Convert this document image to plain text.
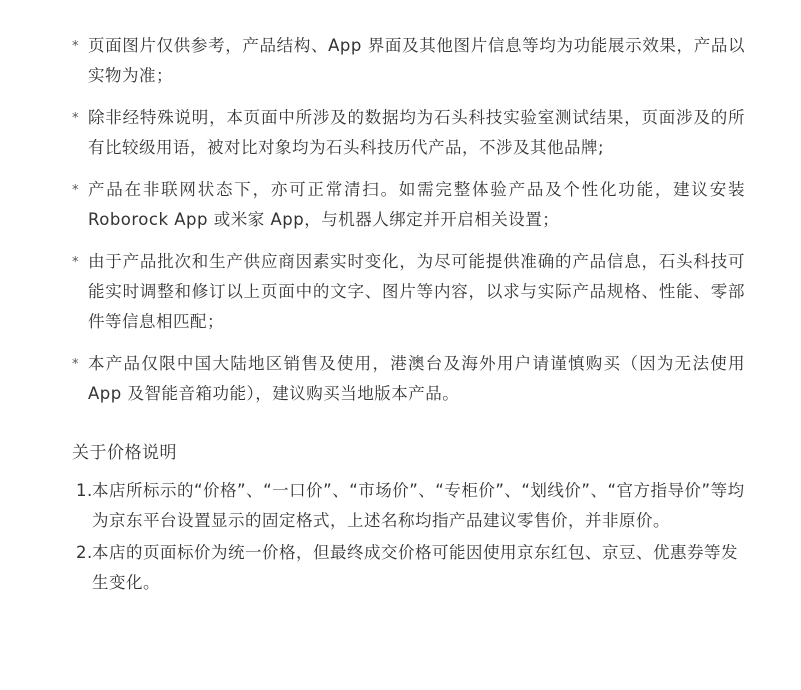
* 页面图片仅供参考，产品结构、App 界面及其他图片信息等均为功能展示效果，产品以实物为准；
* 除非经特殊说明，本页面中所涉及的数据均为石头科技实验室测试结果，页面涉及的所有比较级用语，被对比对象均为石头科技历代产品，不涉及其他品牌;
* 产品在非联网状态下，亦可正常清扫。如需完整体验产品及个性化功能，建议安装 Roborock App 或米家 App，与机器人绑定并开启相关设置；
* 由于产品批次和生产供应商因素实时变化，为尽可能提供准确的产品信息，石头科技可能实时调整和修订以上页面中的文字、图片等内容，以求与实际产品规格、性能、零部件等信息相匹配；
* 本产品仅限中国大陆地区销售及使用，港澳台及海外用户请谨慎购买（因为无法使用 App 及智能音箱功能），建议购买当地版本产品。
关于价格说明
1. 本店所标示的“价格”、“一口价”、“市场价”、“专柜价”、“划线价”、“官方指导价”等均为京东平台设置显示的固定格式，上述名称均指产品建议零售价，并非原价。
2. 本店的页面标价为统一价格，但最终成交价格可能因使用京东红包、京豆、优惠券等发生变化。
